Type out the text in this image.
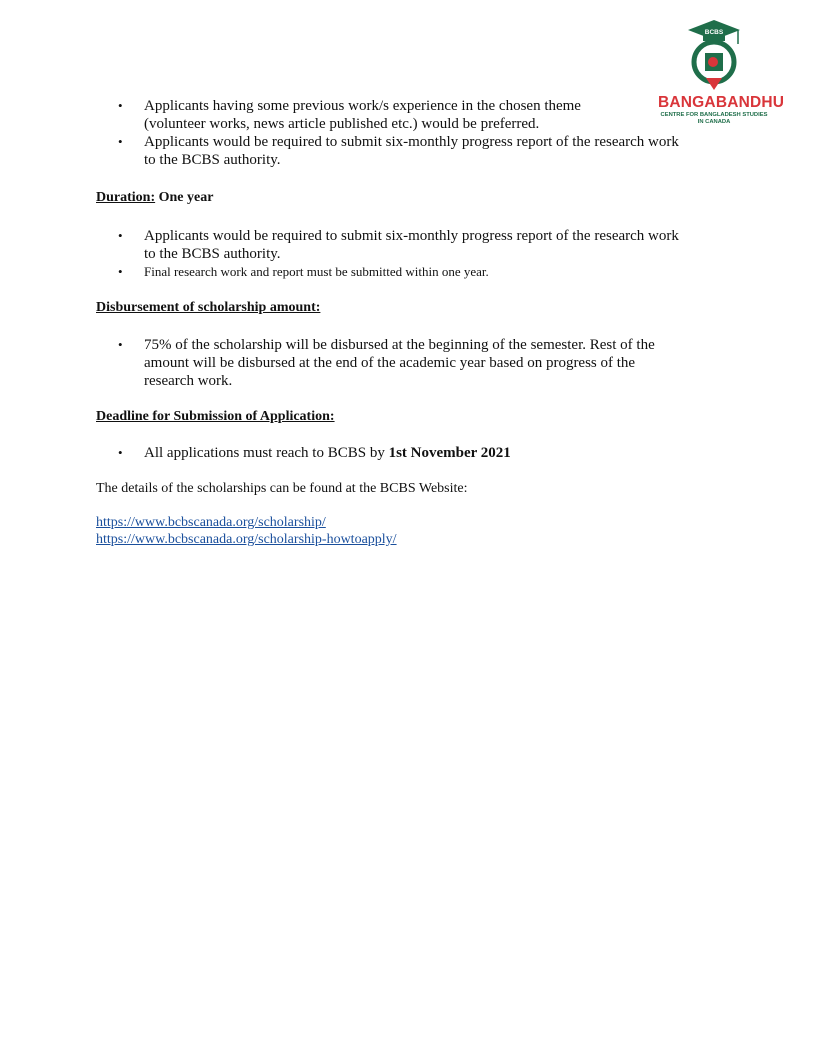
BCBS
BANGABANDHU
CENTRE FOR BANGLADESH STUDIES
IN CANADA
• Applicants having some previous work/s experience in the chosen theme
(volunteer works, news article published etc.) would be preferred.
• Applicants would be required to submit six-monthly progress report of the research work
to the BCBS authority.
Duration: One year
• Applicants would be required to submit six-monthly progress report of the research work
to the BCBS authority.
• Final research work and report must be submitted within one year.
Disbursement of scholarship amount:
• 75% of the scholarship will be disbursed at the beginning of the semester. Rest of the
amount will be disbursed at the end of the academic year based on progress of the
research work.
Deadline for Submission of Application:
• All applications must reach to BCBS by 1st November 2021
The details of the scholarships can be found at the BCBS Website:
https://www.bcbscanada.org/scholarship/
https://www.bcbscanada.org/scholarship-howtoapply/
